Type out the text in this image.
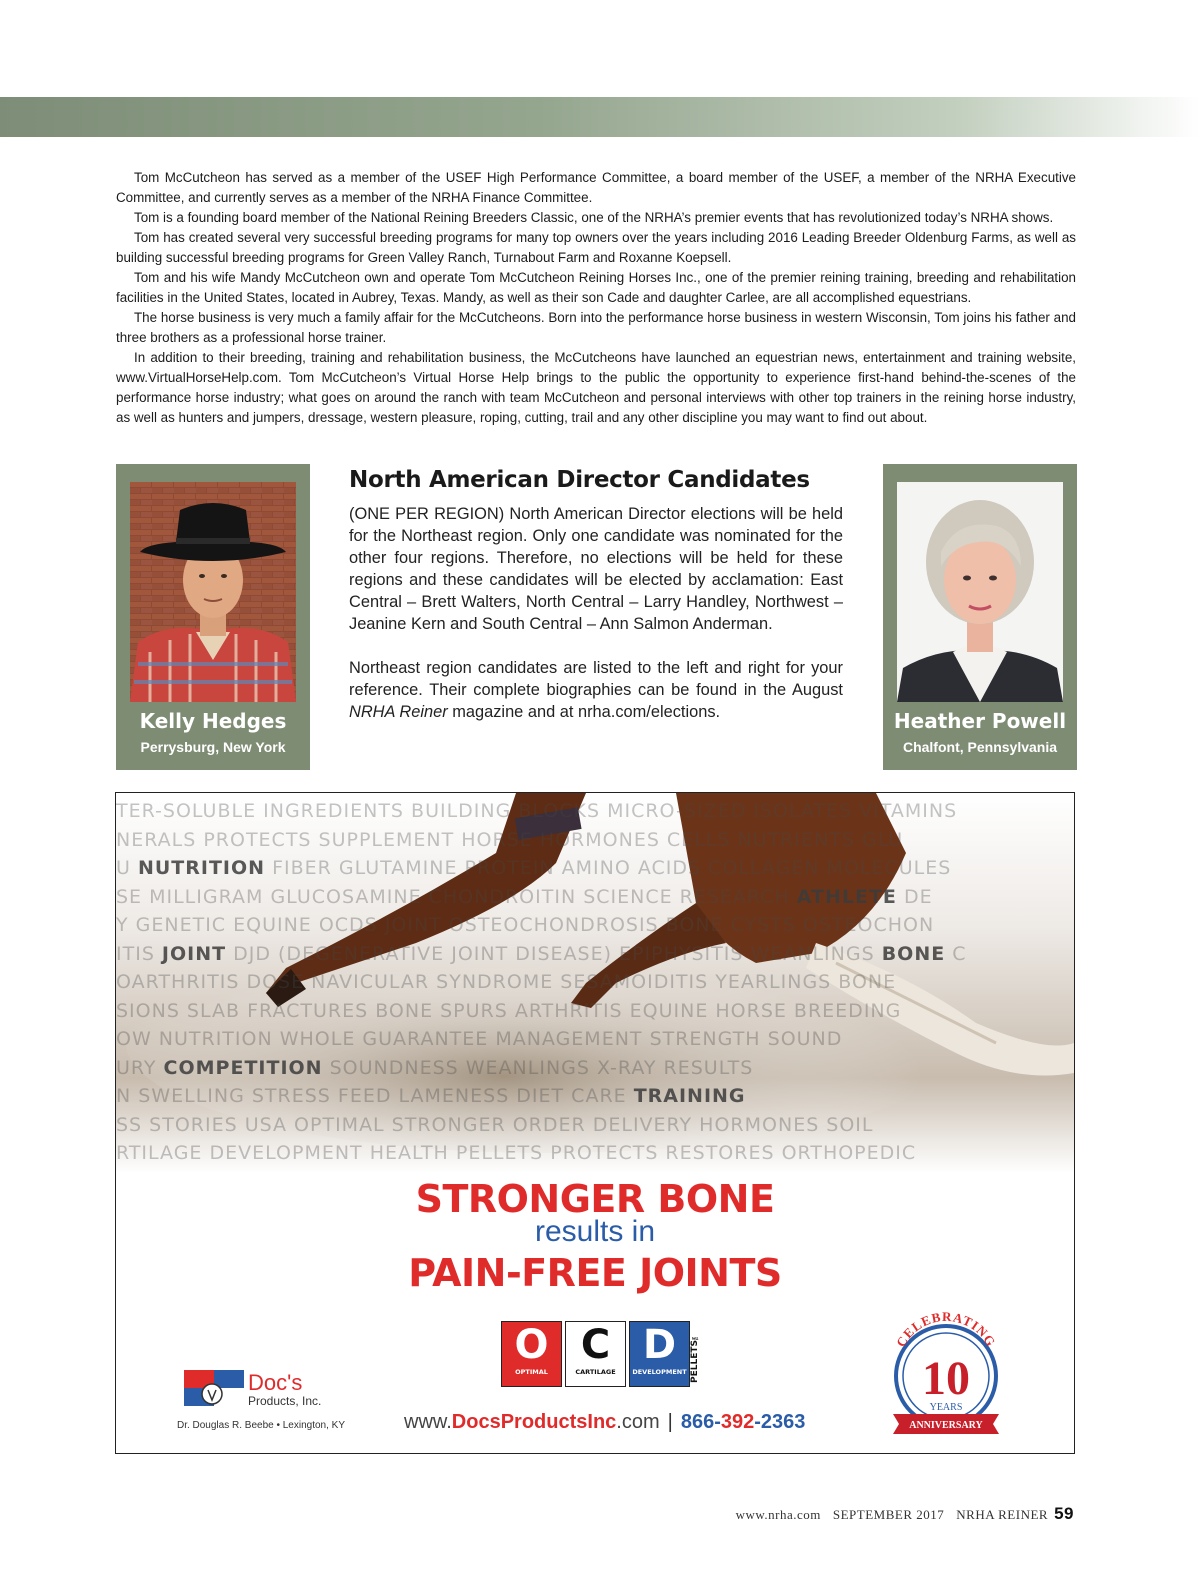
Tom McCutcheon has served as a member of the USEF High Performance Committee, a board member of the USEF, a member of the NRHA Executive Committee, and currently serves as a member of the NRHA Finance Committee.

Tom is a founding board member of the National Reining Breeders Classic, one of the NRHA’s premier events that has revolutionized today’s NRHA shows.

Tom has created several very successful breeding programs for many top owners over the years including 2016 Leading Breeder Oldenburg Farms, as well as building successful breeding programs for Green Valley Ranch, Turnabout Farm and Roxanne Koepsell.

Tom and his wife Mandy McCutcheon own and operate Tom McCutcheon Reining Horses Inc., one of the premier reining training, breeding and rehabilitation facilities in the United States, located in Aubrey, Texas. Mandy, as well as their son Cade and daughter Carlee, are all accomplished equestrians.

The horse business is very much a family affair for the McCutcheons. Born into the performance horse business in western Wisconsin, Tom joins his father and three brothers as a professional horse trainer.

In addition to their breeding, training and rehabilitation business, the McCutcheons have launched an equestrian news, entertainment and training website, www.VirtualHorseHelp.com. Tom McCutcheon’s Virtual Horse Help brings to the public the opportunity to experience first-hand behind-the-scenes of the performance horse industry; what goes on around the ranch with team McCutcheon and personal interviews with other top trainers in the reining horse industry, as well as hunters and jumpers, dressage, western pleasure, roping, cutting, trail and any other discipline you may want to find out about.

Kelly Hedges
Perrysburg, New York
North American Director Candidates

(ONE PER REGION) North American Director elections will be held for the Northeast region. Only one candidate was nominated for the other four regions. Therefore, no elections will be held for these regions and these candidates will be elected by acclamation: East Central – Brett Walters, North Central – Larry Handley, Northwest – Jeanine Kern and South Central – Ann Salmon Anderman.

Northeast region candidates are listed to the left and right for your reference. Their complete biographies can be found in the August NRHA Reiner magazine and at nrha.com/elections.	Heather Powell
Chalfont, Pennsylvania
TER-SOLUBLE INGREDIENTS BUILDING BLOCKS MICRO-SIZED ISOLATES VITAMINS
NERALS PROTECTS SUPPLEMENT HORSE HORMONES CELLS NUTRIENTS GLU
U NUTRITION FIBER GLUTAMINE PROTEIN AMINO ACIDS COLLAGEN MOLECULES
SE MILLIGRAM GLUCOSAMINE CHONDROITIN SCIENCE RESEARCH ATHLETE DE
Y GENETIC EQUINE OCDS JOINT OSTEOCHONDROSIS BONE CYSTS OSTEOCHON
ITIS JOINT DJD (DEGENERATIVE JOINT DISEASE) EPIPHYSITIS WEANLINGS BONE C
OARTHRITIS DOSE NAVICULAR SYNDROME SESAMOIDITIS YEARLINGS BONE
SIONS SLAB FRACTURES BONE SPURS ARTHRITIS EQUINE HORSE BREEDING
OW NUTRITION WHOLE GUARANTEE MANAGEMENT STRENGTH SOUND
URY COMPETITION SOUNDNESS WEANLINGS X-RAY RESULTS
N SWELLING STRESS FEED LAMENESS DIET CARE TRAINING
SS STORIES USA OPTIMAL STRONGER ORDER DELIVERY HORMONES SOIL
RTILAGE DEVELOPMENT HEALTH PELLETS PROTECTS RESTORES ORTHOPEDIC
STRONGER BONE
results in
PAIN-FREE JOINTS
O
OPTIMAL
C
CARTILAGE
D
DEVELOPMENT PELLETS™
Doc's
Products, Inc.
Dr. Douglas R. Beebe • Lexington, KY	www.DocsProductsInc.com | 866-392-2363
CELEBRATING
10
YEARS
ANNIVERSARY
www.nrha.com SEPTEMBER 2017 NRHA REINER 59
